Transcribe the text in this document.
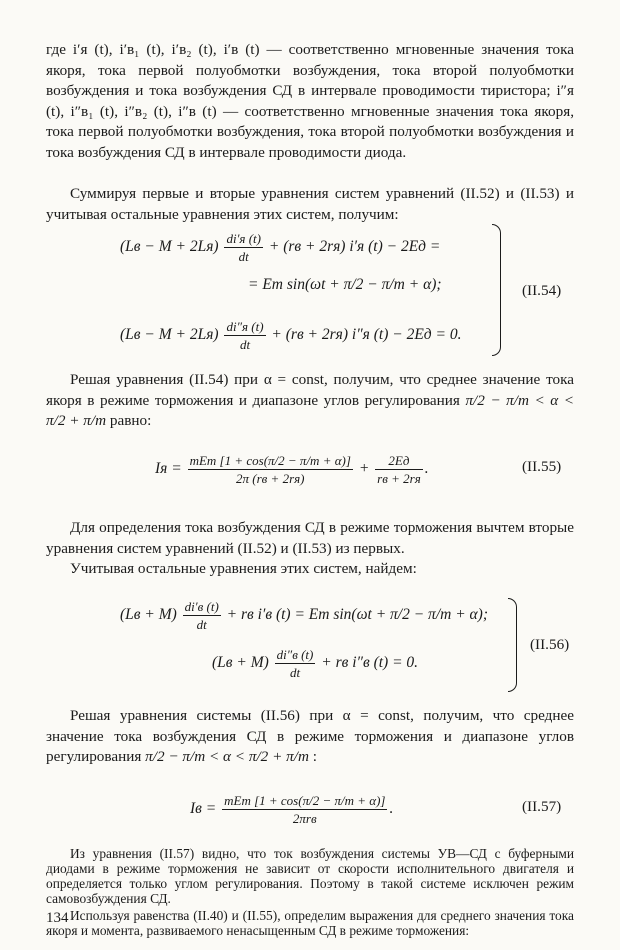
где i′я (t), i′в₁ (t), i′в₂ (t), i′в (t) — соответственно мгновенные значения тока якоря, тока первой полуобмотки возбуждения, тока второй полуобмотки возбуждения и тока возбуждения СД в интервале проводимости тиристора; i″я (t), i″в₁ (t), i″в₂ (t), i″в (t) — соответственно мгновенные значения тока якоря, тока первой полуобмотки возбуждения, тока второй полуобмотки возбуждения и тока возбуждения СД в интервале проводимости диода.

Суммируя первые и вторые уравнения систем уравнений (II.52) и (II.53) и учитывая остальные уравнения этих систем, получим:

$(Lв - M + 2Lя) \frac{di'я (t)}{dt} + (rв + 2rя)$ i′я (t) − 2Eд =
= Em sin(ωt + π/2 − π/m + α);
$(Lв - M + 2Lя) \frac{di''я (t)}{dt} + (rв + 2rя)$ i″я (t) − 2Eд = 0.
(II.54)

Решая уравнения (II.54) при α = const, получим, что среднее значение тока якоря в режиме торможения и диапазоне углов регулирования π/2 − π/m < α < π/2 + π/m равно:

Iя = $\frac{\text{mEm [1 + cos(π/2 − π/m + α)]}}{2\pi (rв + 2rя)} + \frac{2Eд}{rв + 2rя}$ .	(II.55)

Для определения тока возбуждения СД в режиме торможения вычтем вторые уравнения систем уравнений (II.52) и (II.53) из первых.

Учитывая остальные уравнения этих систем, найдем:

$(Lв + M) \frac{di'в (t)}{dt}$ + rв i′в (t) = Em sin(ωt + π/2 − π/m + α);
$(Lв + M) \frac{di''в (t)}{dt}$ + rв i″в (t) = 0.
(II.56)

Решая уравнения системы (II.56) при α = const, получим, что среднее значение тока возбуждения СД в режиме торможения и диапазоне углов регулирования π/2 − π/m < α < π/2 + π/m :

Iв = $\frac{\text{mEm [1 + cos(π/2 − π/m + α)]}}{\text{2πrв}}$ .	(II.57)

Из уравнения (II.57) видно, что ток возбуждения системы УВ—СД с буферными диодами в режиме торможения не зависит от скорости исполнительного двигателя и определяется только углом регулирования. Поэтому в такой системе исключен режим самовозбуждения СД.

Используя равенства (II.40) и (II.55), определим выражения для среднего значения тока якоря и момента, развиваемого ненасыщенным СД в режиме торможения:

134
